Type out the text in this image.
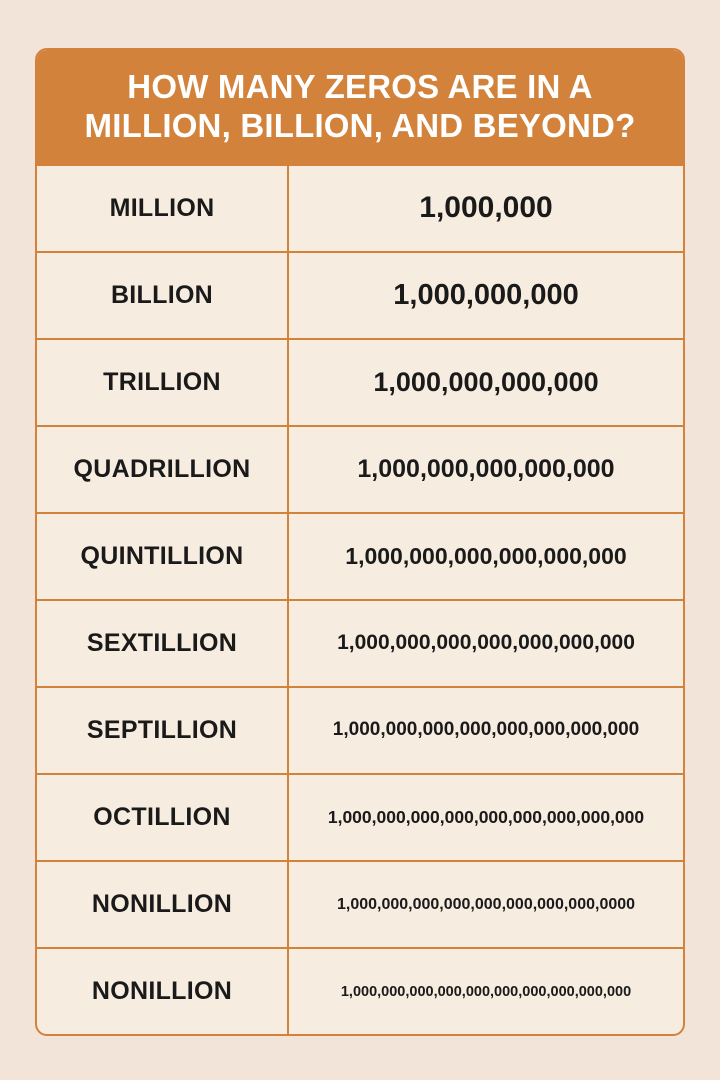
HOW MANY ZEROS ARE IN A MILLION, BILLION, AND BEYOND?
MILLION	1,000,000
BILLION	1,000,000,000
TRILLION	1,000,000,000,000
QUADRILLION	1,000,000,000,000,000
QUINTILLION	1,000,000,000,000,000,000
SEXTILLION	1,000,000,000,000,000,000,000
SEPTILLION	1,000,000,000,000,000,000,000,000
OCTILLION	1,000,000,000,000,000,000,000,000,000
NONILLION	1,000,000,000,000,000,000,000,000,0000
NONILLION	1,000,000,000,000,000,000,000,000,000,000
